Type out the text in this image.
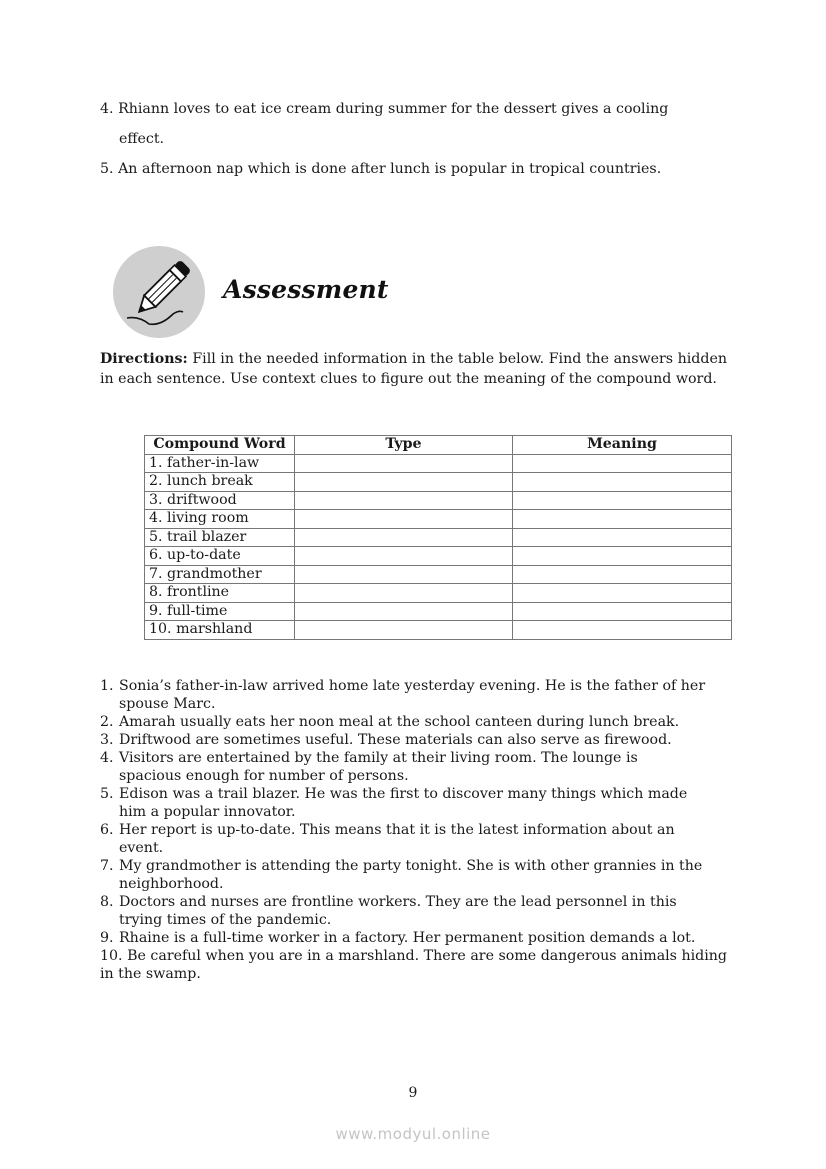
4. Rhiann loves to eat ice cream during summer for the dessert gives a cooling
effect.
5. An afternoon nap which is done after lunch is popular in tropical countries.
Assessment
Directions: Fill in the needed information in the table below. Find the answers hidden in each sentence. Use context clues to figure out the meaning of the compound word.
Compound Word	Type	Meaning
1. father-in-law		
2. lunch break		
3. driftwood		
4. living room		
5. trail blazer		
6. up-to-date		
7. grandmother		
8. frontline		
9. full-time		
10. marshland		
1. Sonia’s father-in-law arrived home late yesterday evening. He is the father of her
spouse Marc.
2. Amarah usually eats her noon meal at the school canteen during lunch break.
3. Driftwood are sometimes useful. These materials can also serve as firewood.
4. Visitors are entertained by the family at their living room. The lounge is
spacious enough for number of persons.
5. Edison was a trail blazer. He was the first to discover many things which made
him a popular innovator.
6. Her report is up-to-date. This means that it is the latest information about an
event.
7. My grandmother is attending the party tonight. She is with other grannies in the
neighborhood.
8. Doctors and nurses are frontline workers. They are the lead personnel in this
trying times of the pandemic.
9. Rhaine is a full-time worker in a factory. Her permanent position demands a lot.
10. Be careful when you are in a marshland. There are some dangerous animals hiding in the swamp.
9
www.modyul.online
